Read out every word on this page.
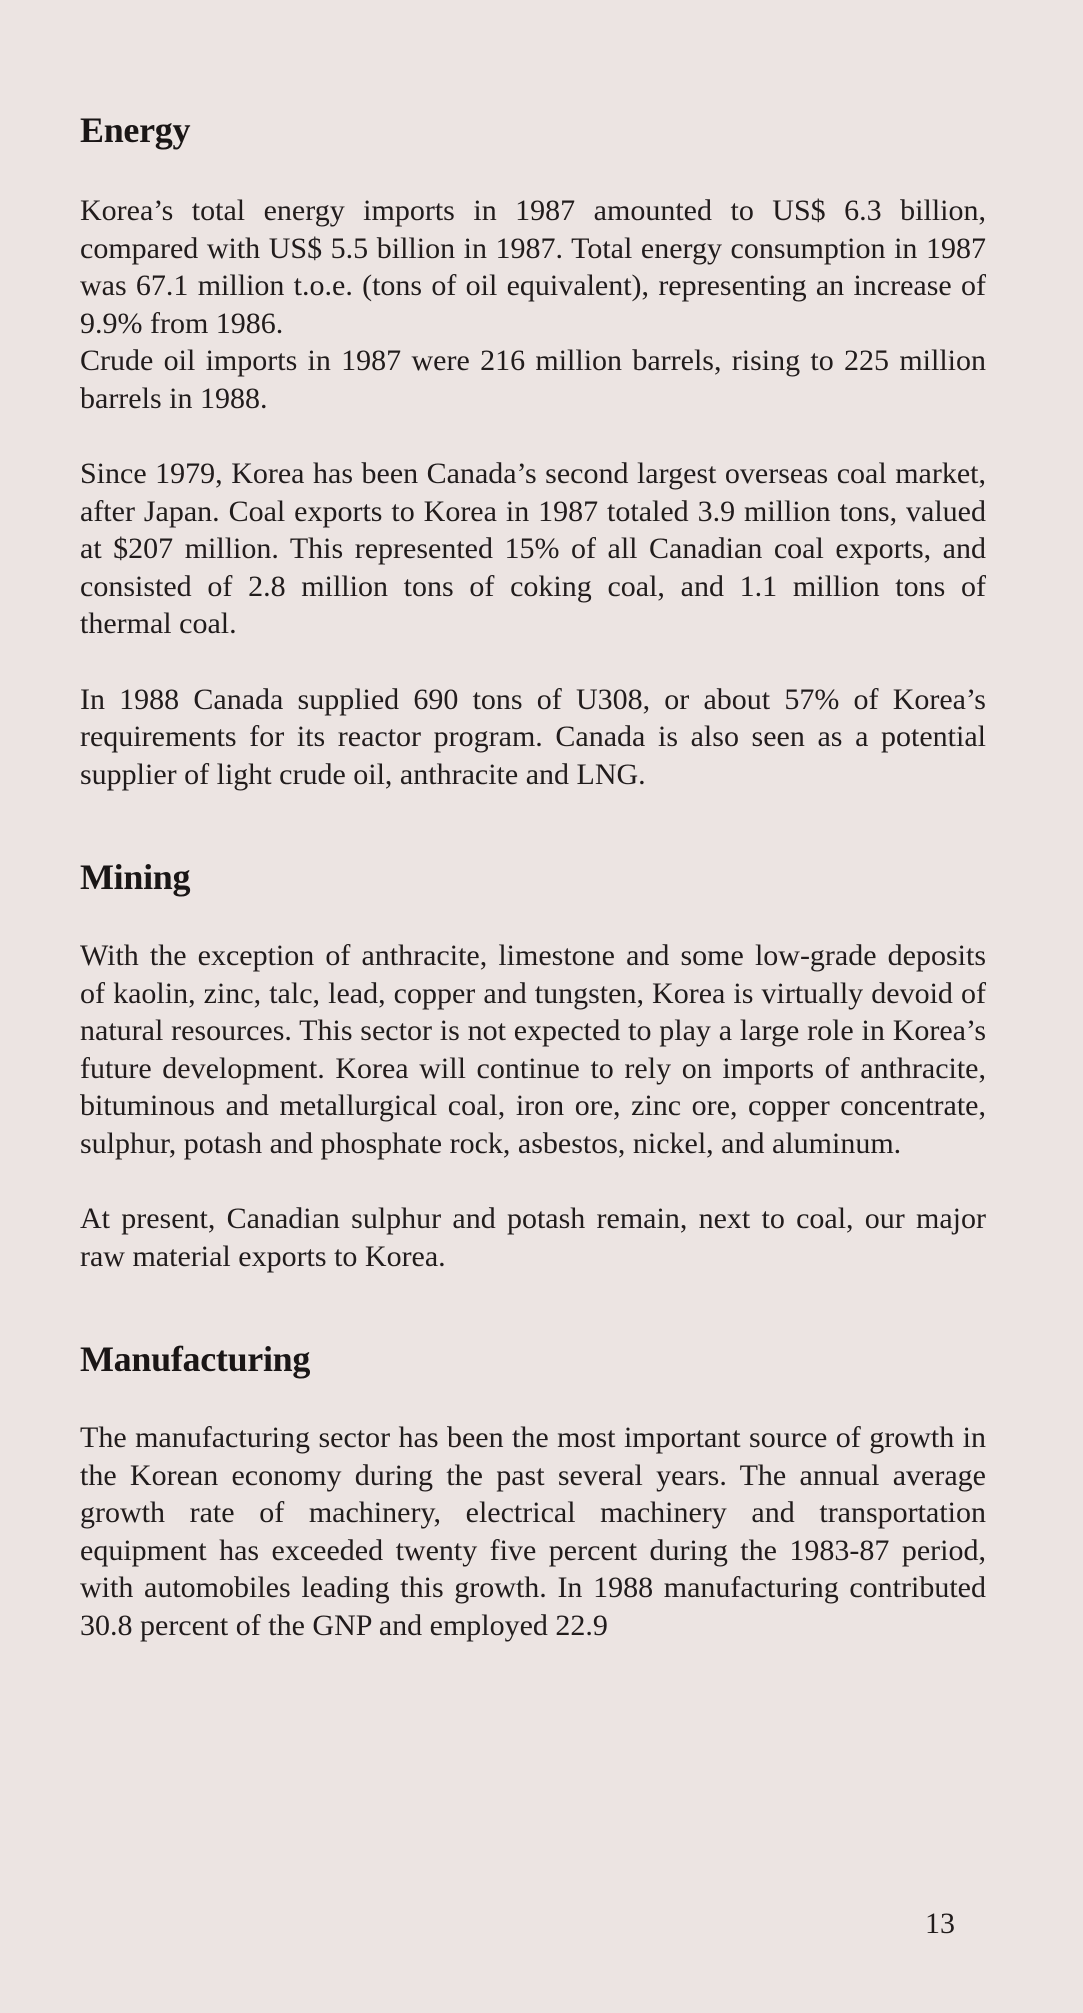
Energy

Korea’s total energy imports in 1987 amounted to US$ 6.3 billion, compared with US$ 5.5 billion in 1987. Total energy consumption in 1987 was 67.1 million t.o.e. (tons of oil equivalent), representing an increase of 9.9% from 1986.

Crude oil imports in 1987 were 216 million barrels, rising to 225 million barrels in 1988.

Since 1979, Korea has been Canada’s second largest overseas coal market, after Japan. Coal exports to Korea in 1987 totaled 3.9 million tons, valued at $207 million. This represented 15% of all Canadian coal exports, and consisted of 2.8 million tons of coking coal, and 1.1 million tons of thermal coal.

In 1988 Canada supplied 690 tons of U308, or about 57% of Korea’s requirements for its reactor program. Canada is also seen as a potential supplier of light crude oil, anthracite and LNG.

Mining

With the exception of anthracite, limestone and some low-grade deposits of kaolin, zinc, talc, lead, copper and tungsten, Korea is virtually devoid of natural resources. This sector is not expected to play a large role in Korea’s future development. Korea will continue to rely on imports of anthracite, bituminous and metallurgical coal, iron ore, zinc ore, copper concentrate, sulphur, potash and phosphate rock, asbestos, nickel, and aluminum.

At present, Canadian sulphur and potash remain, next to coal, our major raw material exports to Korea.

Manufacturing

The manufacturing sector has been the most important source of growth in the Korean economy during the past several years. The annual average growth rate of machinery, electrical machinery and transportation equipment has exceeded twenty five percent during the 1983-87 period, with automobiles leading this growth. In 1988 manufacturing contributed 30.8 percent of the GNP and employed 22.9

13
